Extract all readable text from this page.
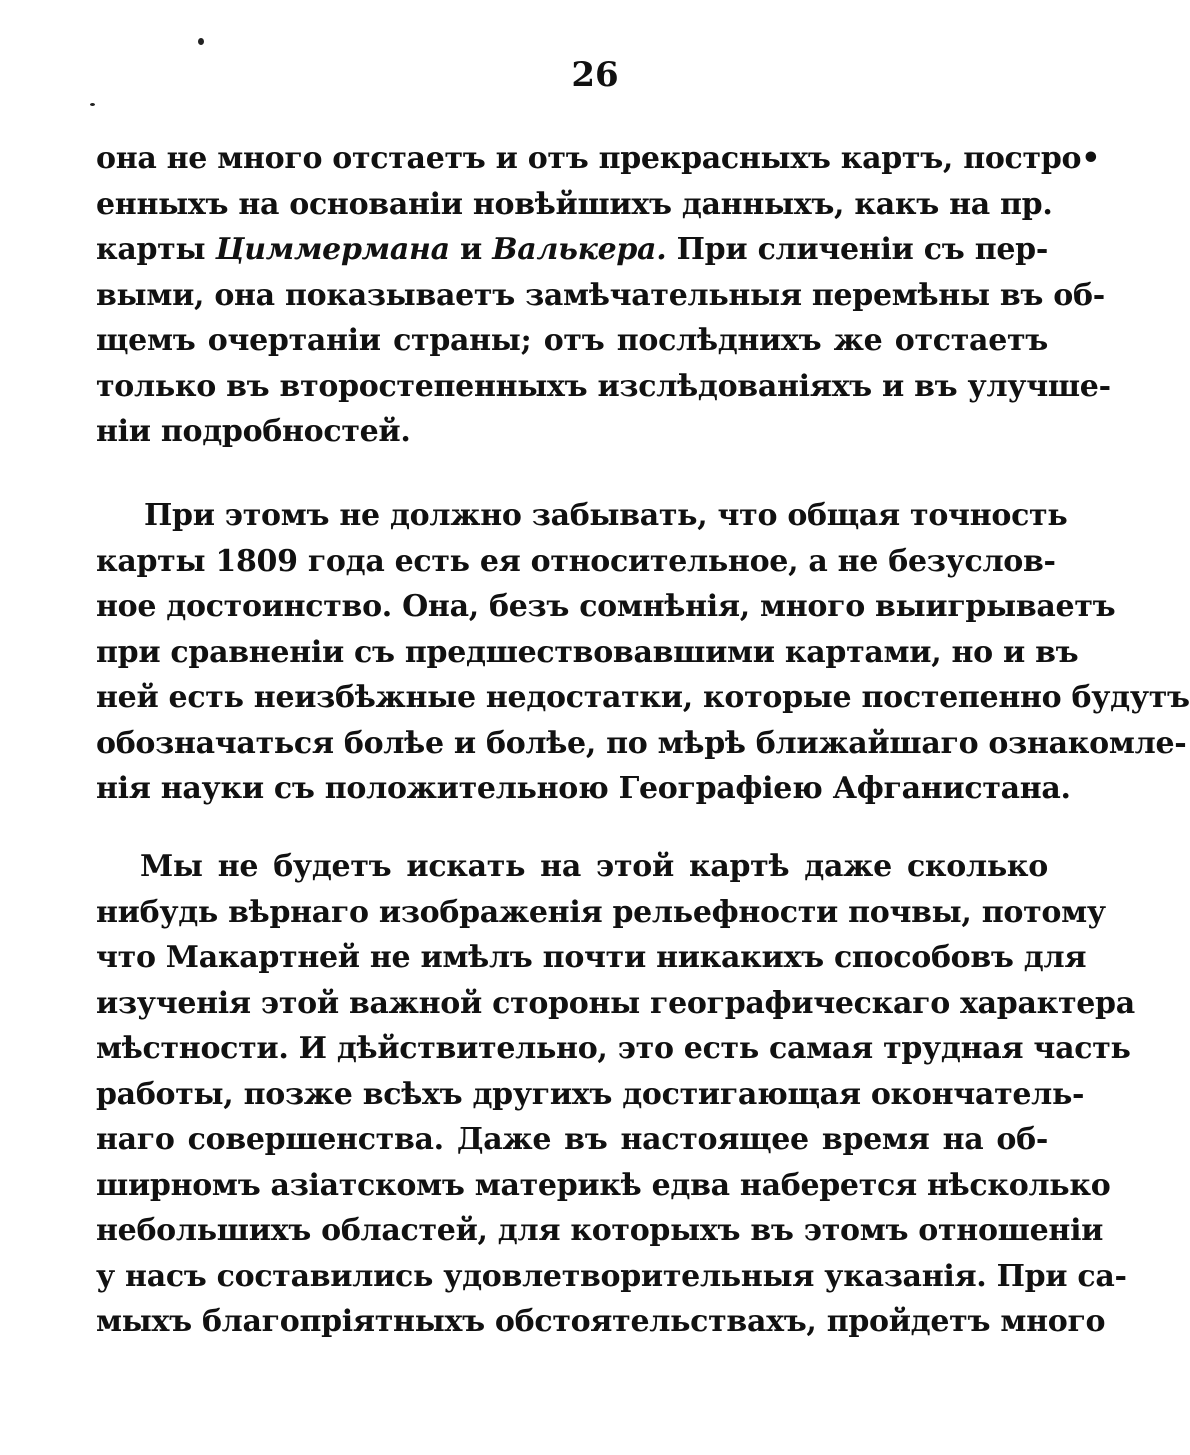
26
она не много отстаетъ и отъ прекрасныхъ картъ, постро•
енныхъ на основаніи новѣйшихъ данныхъ, какъ на пр.
карты Циммермана и Валькера. При сличеніи съ пер-
выми, она показываетъ замѣчательныя перемѣны въ об-
щемъ очертаніи страны; отъ послѣднихъ же отстаетъ
только въ второстепенныхъ изслѣдованіяхъ и въ улучше-
ніи подробностей.
При этомъ не должно забывать, что общая точность
карты 1809 года есть ея относительное, а не безуслов-
ное достоинство. Она, безъ сомнѣнія, много выигрываетъ
при сравненіи съ предшествовавшими картами, но и въ
ней есть неизбѣжные недостатки, которые постепенно будутъ
обозначаться болѣе и болѣе, по мѣрѣ ближайшаго ознакомле-
нія науки съ положительною Географіею Афганистана.
Мы не будетъ искать на этой картѣ даже сколько
нибудь вѣрнаго изображенія рельефности почвы, потому
что Макартней не имѣлъ почти никакихъ способовъ для
изученія этой важной стороны географическаго характера
мѣстности. И дѣйствительно, это есть самая трудная часть
работы, позже всѣхъ другихъ достигающая окончатель-
наго совершенства. Даже въ настоящее время на об-
ширномъ азіатскомъ материкѣ едва наберется нѣсколько
небольшихъ областей, для которыхъ въ этомъ отношеніи
у насъ составились удовлетворительныя указанія. При са-
мыхъ благопріятныхъ обстоятельствахъ, пройдетъ много
